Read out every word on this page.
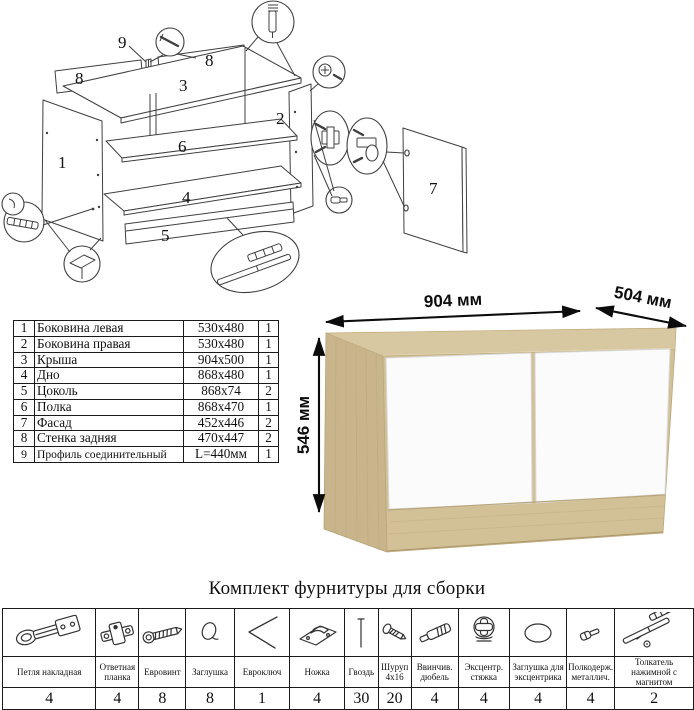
1
2
3
4
5
6
7
8
8
9
1	Боковина левая	530x480	1
2	Боковина правая	530x480	1
3	Крыша	904x500	1
4	Дно	868x480	1
5	Цоколь	868x74	2
6	Полка	868x470	1
7	Фасад	452x446	2
8	Стенка задняя	470x447	2
9	Профиль соединительный	L=440мм	1
904 мм	504 мм
546 мм
Комплект фурнитуры для сборки

Петля накладная	Ответная планка	Евровинт	Заглушка	Евроключ	Ножка	Гвоздь	Шуруп 4x16	Ввинчив. дюбель	Эксцентр. стяжка	Заглушка для эксцентрика	Полкодерж. металлич.	Толкатель нажимной с магнитом
4	4	8	8	1	4	30	20	4	4	4	4	2
